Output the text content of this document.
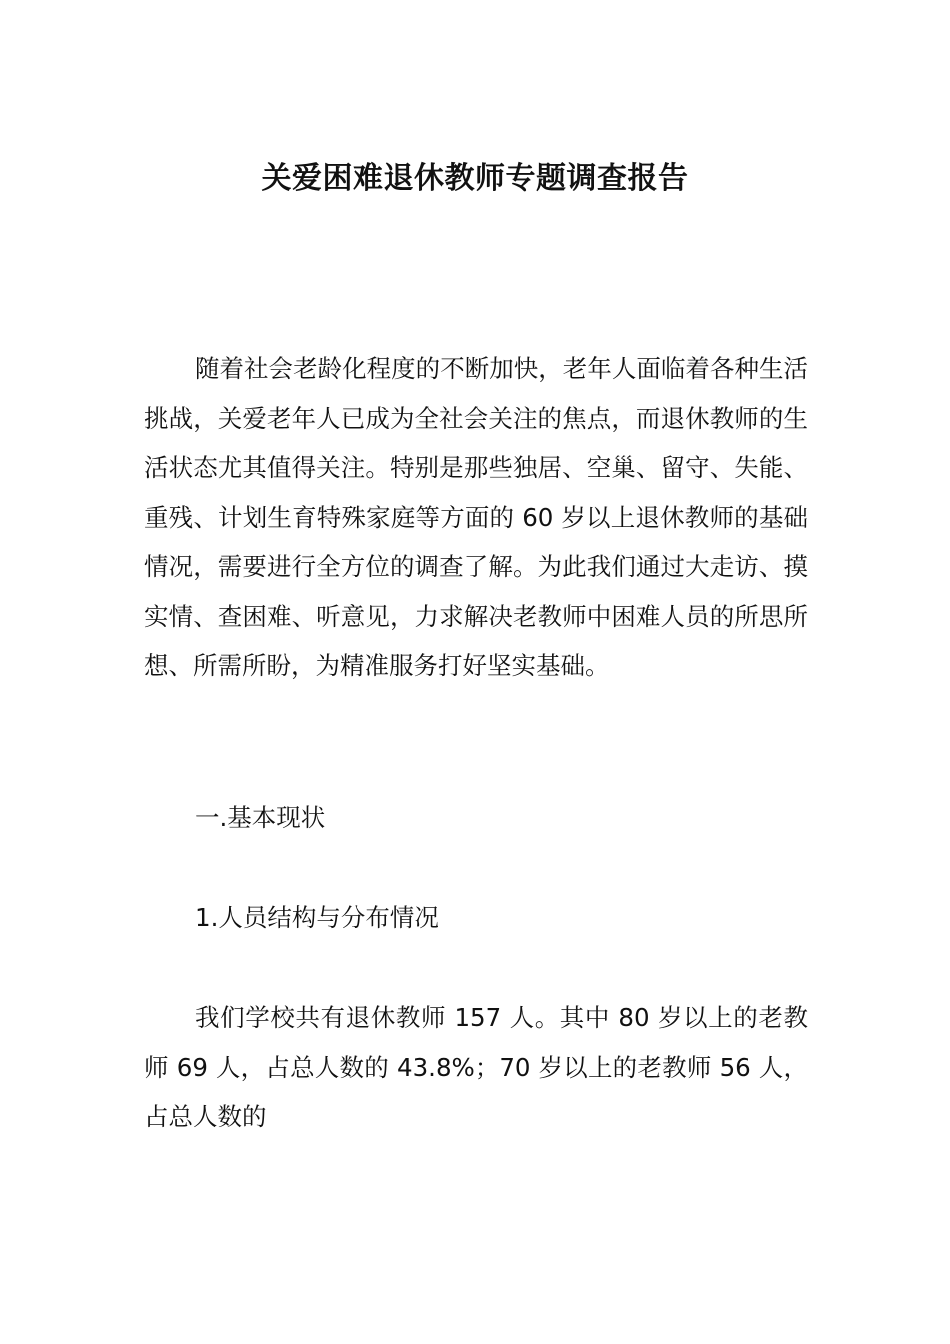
关爱困难退休教师专题调查报告

随着社会老龄化程度的不断加快，老年人面临着各种生活挑战，关爱老年人已成为全社会关注的焦点，而退休教师的生活状态尤其值得关注。特别是那些独居、空巢、留守、失能、重残、计划生育特殊家庭等方面的 60 岁以上退休教师的基础情况，需要进行全方位的调查了解。为此我们通过大走访、摸实情、查困难、听意见，力求解决老教师中困难人员的所思所想、所需所盼，为精准服务打好坚实基础。

一.基本现状

1.人员结构与分布情况

我们学校共有退休教师 157 人。其中 80 岁以上的老教师 69 人，占总人数的 43.8%；70 岁以上的老教师 56 人，占总人数的
